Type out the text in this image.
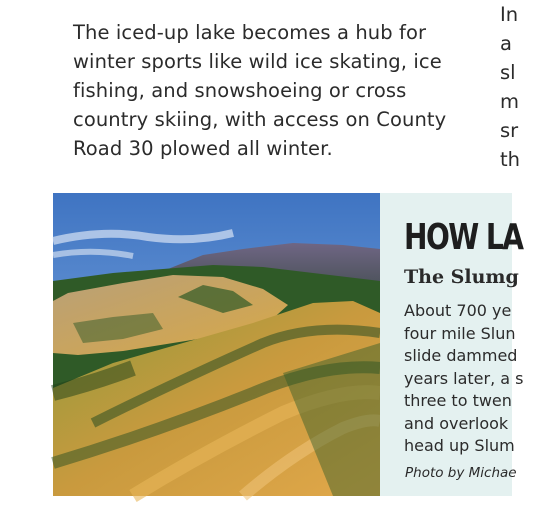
The iced-up lake becomes a hub for
winter sports like wild ice skating, ice
fishing, and snowshoeing or cross
country skiing, with access on County
Road 30 plowed all winter.

In
a
sl
m
sr
th
HOW LA
The Slumg
About 700 ye
four mile Slun
slide dammed
years later, a s
three to twen
and overlook
head up Slum
Photo by Michae
